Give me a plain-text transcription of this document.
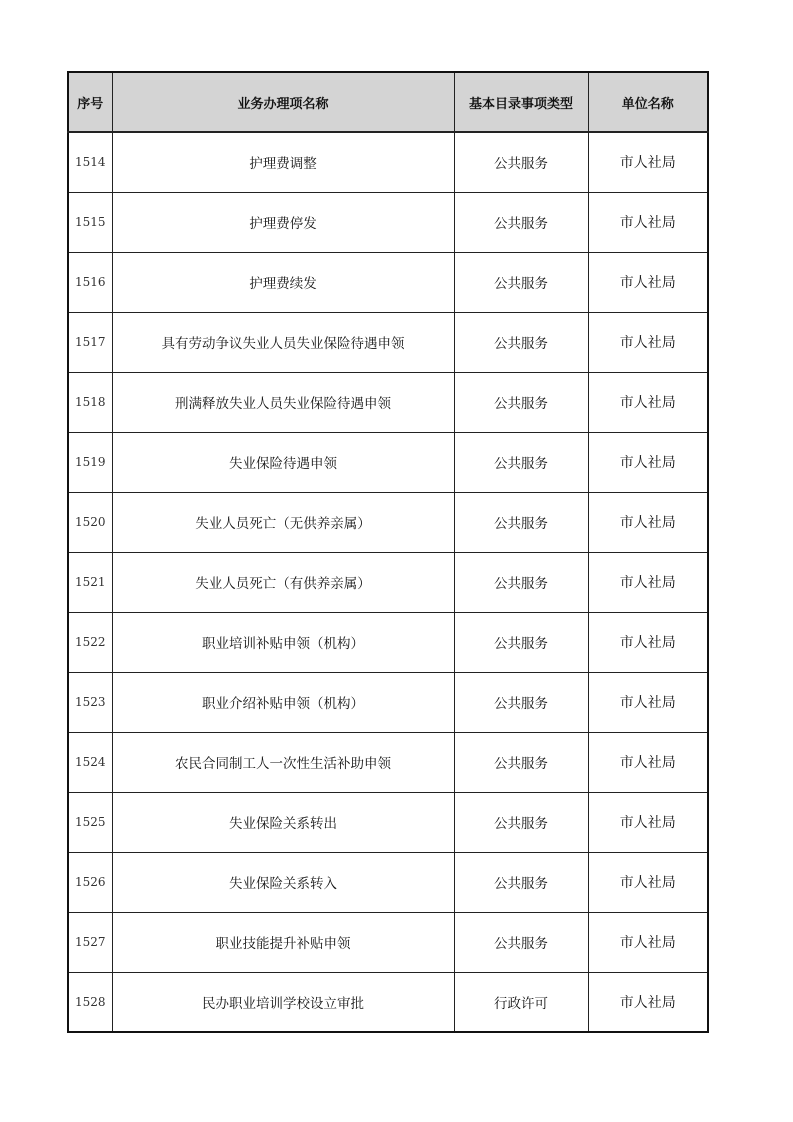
序号	业务办理项名称	基本目录事项类型	单位名称
1514	护理费调整	公共服务	市人社局
1515	护理费停发	公共服务	市人社局
1516	护理费续发	公共服务	市人社局
1517	具有劳动争议失业人员失业保险待遇申领	公共服务	市人社局
1518	刑满释放失业人员失业保险待遇申领	公共服务	市人社局
1519	失业保险待遇申领	公共服务	市人社局
1520	失业人员死亡（无供养亲属）	公共服务	市人社局
1521	失业人员死亡（有供养亲属）	公共服务	市人社局
1522	职业培训补贴申领（机构）	公共服务	市人社局
1523	职业介绍补贴申领（机构）	公共服务	市人社局
1524	农民合同制工人一次性生活补助申领	公共服务	市人社局
1525	失业保险关系转出	公共服务	市人社局
1526	失业保险关系转入	公共服务	市人社局
1527	职业技能提升补贴申领	公共服务	市人社局
1528	民办职业培训学校设立审批	行政许可	市人社局
